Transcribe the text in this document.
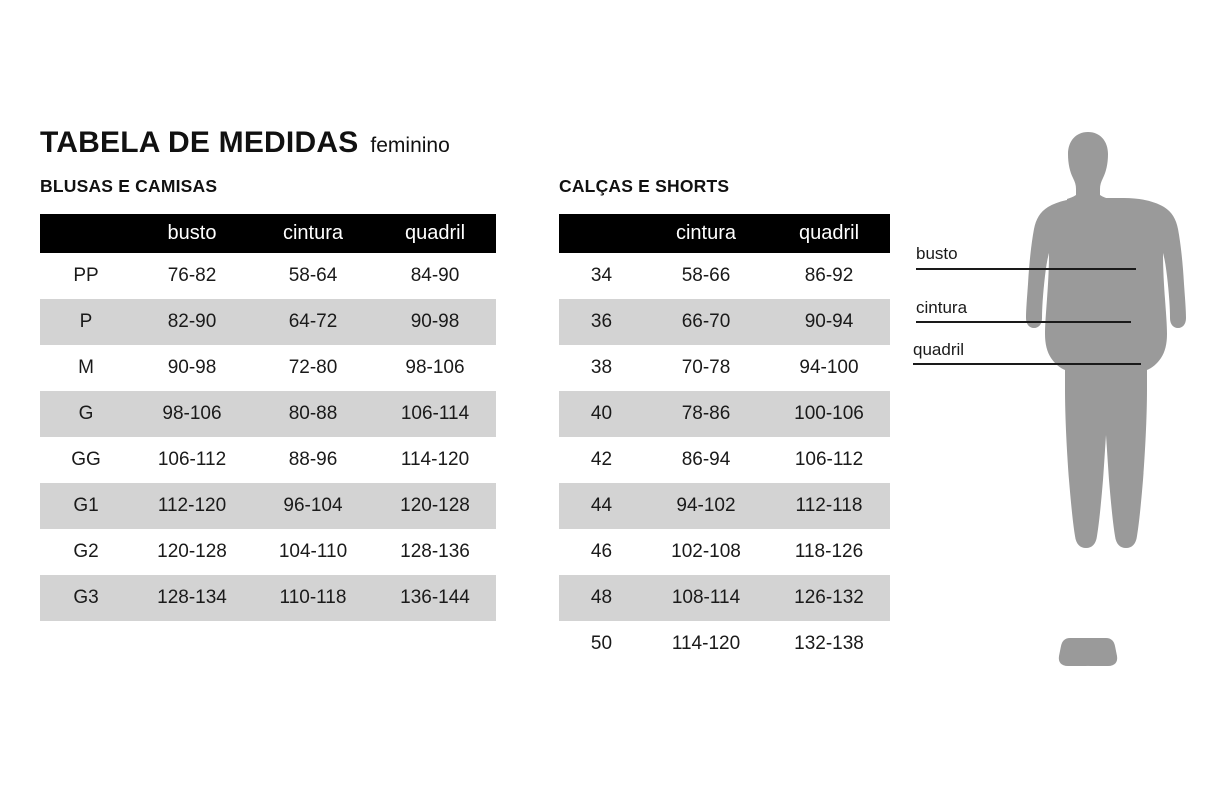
TABELA DE MEDIDAS feminino
BLUSAS E CAMISAS	CALÇAS E SHORTS
	busto	cintura	quadril
PP	76-82	58-64	84-90
P	82-90	64-72	90-98
M	90-98	72-80	98-106
G	98-106	80-88	106-114
GG	106-112	88-96	114-120
G1	112-120	96-104	120-128
G2	120-128	104-110	128-136
G3	128-134	110-118	136-144
	cintura	quadril
34	58-66	86-92
36	66-70	90-94
38	70-78	94-100
40	78-86	100-106
42	86-94	106-112
44	94-102	112-118
46	102-108	118-126
48	108-114	126-132
50	114-120	132-138
busto
cintura
quadril
